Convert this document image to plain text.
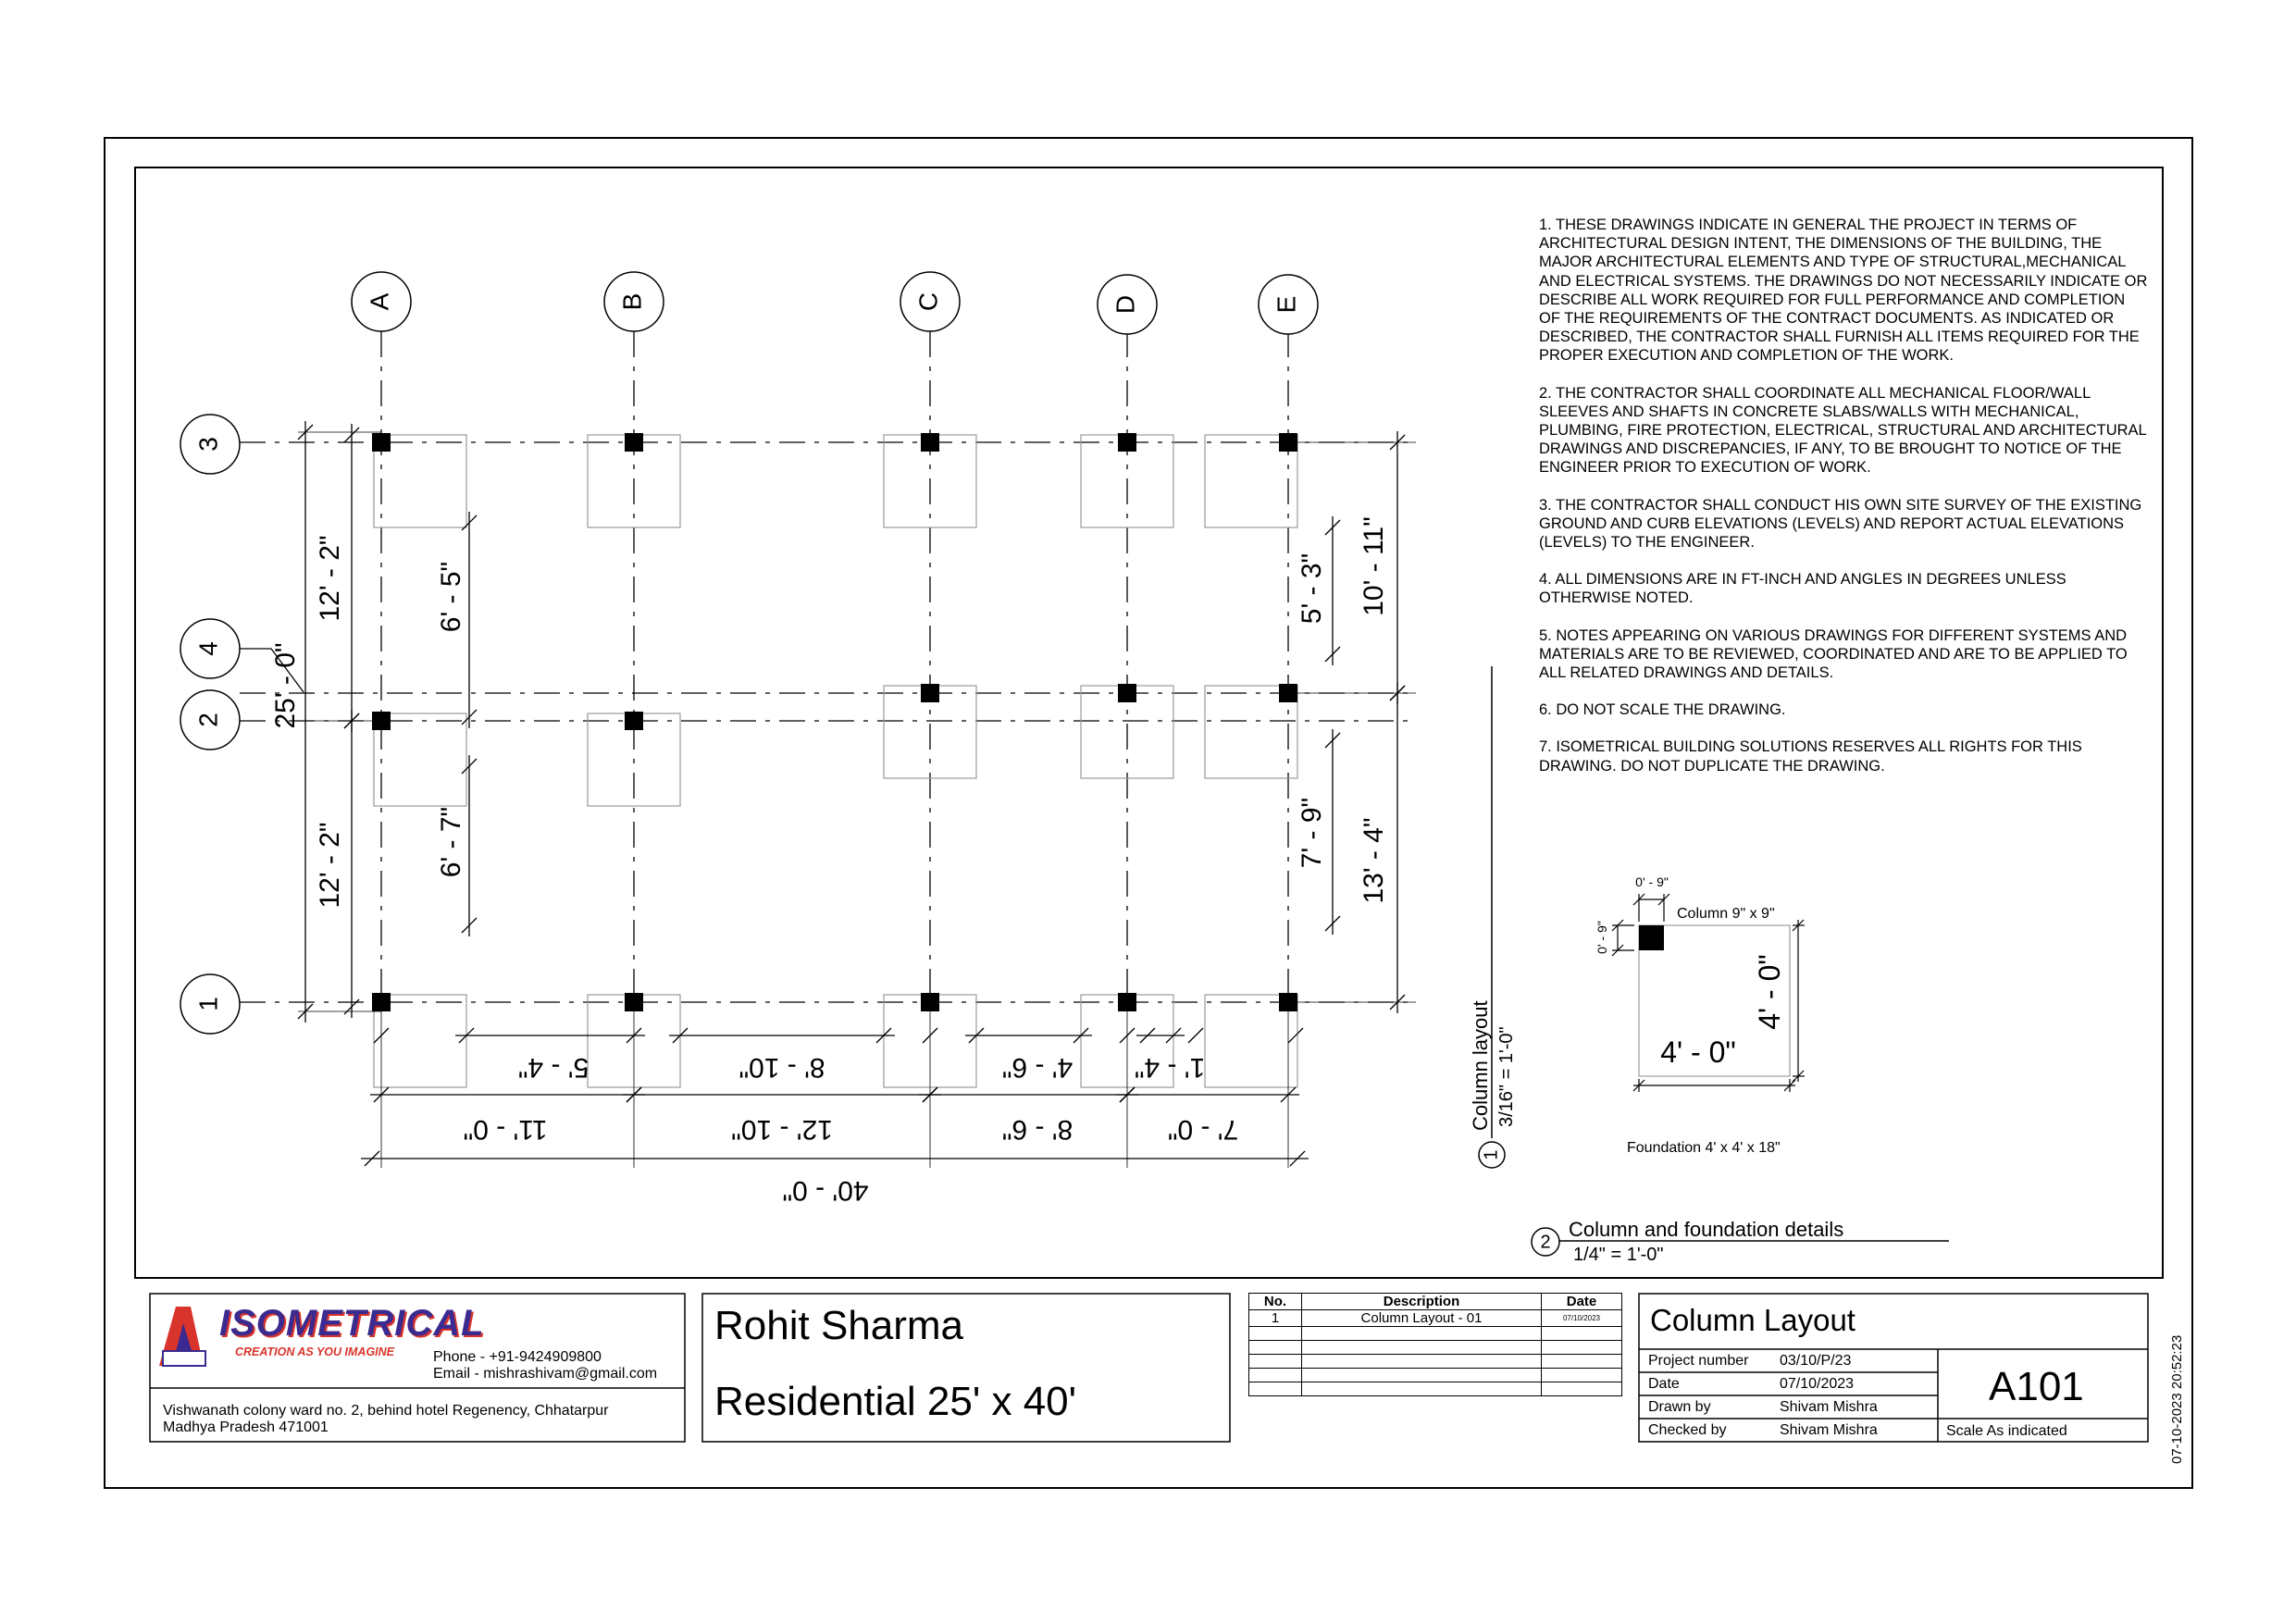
A	B	C	D	E
3
4
2
1
5' - 4"	8' - 10"	4' - 6" 1' - 4"
11' - 0"	12' - 10"	8' - 6"	7' - 0"
40' - 0"
25' - 0"
12' - 2"
12' - 2"
6' - 5"
6' - 7"
5' - 3" 10' - 11"
7' - 9" 13' - 4"
1
Column layout 3/16" = 1'-0"
2
Column and foundation details
1/4" = 1'-0"
0' - 9"
0' - 9"
Column 9" x 9"
4' - 0"
4' - 0"
Foundation 4' x 4' x 18"

1. THESE DRAWINGS INDICATE IN GENERAL THE PROJECT IN TERMS OF ARCHITECTURAL DESIGN INTENT, THE DIMENSIONS OF THE BUILDING, THE MAJOR ARCHITECTURAL ELEMENTS AND TYPE OF STRUCTURAL,MECHANICAL AND ELECTRICAL SYSTEMS. THE DRAWINGS DO NOT NECESSARILY INDICATE OR DESCRIBE ALL WORK REQUIRED FOR FULL PERFORMANCE AND COMPLETION OF THE REQUIREMENTS OF THE CONTRACT DOCUMENTS. AS INDICATED OR DESCRIBED, THE CONTRACTOR SHALL FURNISH ALL ITEMS REQUIRED FOR THE PROPER EXECUTION AND COMPLETION OF THE WORK.

2. THE CONTRACTOR SHALL COORDINATE ALL MECHANICAL FLOOR/WALL SLEEVES AND SHAFTS IN CONCRETE SLABS/WALLS WITH MECHANICAL, PLUMBING, FIRE PROTECTION, ELECTRICAL, STRUCTURAL AND ARCHITECTURAL DRAWINGS AND DISCREPANCIES, IF ANY, TO BE BROUGHT TO NOTICE OF THE ENGINEER PRIOR TO EXECUTION OF WORK.

3. THE CONTRACTOR SHALL CONDUCT HIS OWN SITE SURVEY OF THE EXISTING GROUND AND CURB ELEVATIONS (LEVELS) AND REPORT ACTUAL ELEVATIONS (LEVELS) TO THE ENGINEER.

4. ALL DIMENSIONS ARE IN FT-INCH AND ANGLES IN DEGREES UNLESS OTHERWISE NOTED.

5. NOTES APPEARING ON VARIOUS DRAWINGS FOR DIFFERENT SYSTEMS AND MATERIALS ARE TO BE REVIEWED, COORDINATED AND ARE TO BE APPLIED TO ALL RELATED DRAWINGS AND DETAILS.

6. DO NOT SCALE THE DRAWING.

7. ISOMETRICAL BUILDING SOLUTIONS RESERVES ALL RIGHTS FOR THIS DRAWING. DO NOT DUPLICATE THE DRAWING.

ISOMETRICAL
CREATION AS YOU IMAGINE	Phone - +91-9424909800
Email - mishrashivam@gmail.com
Vishwanath colony ward no. 2, behind hotel Regenency, Chhatarpur
Madhya Pradesh 471001
Rohit Sharma
Residential 25' x 40'
No.	Description	Date
1	Column Layout - 01	07/10/2023

		Column Layout
Project number 03/10/P/23
Date	07/10/2023
Drawn by	Shivam Mishra
Checked by	Shivam Mishra
A101
Scale As indicated	07-10-2023 20:52:23
